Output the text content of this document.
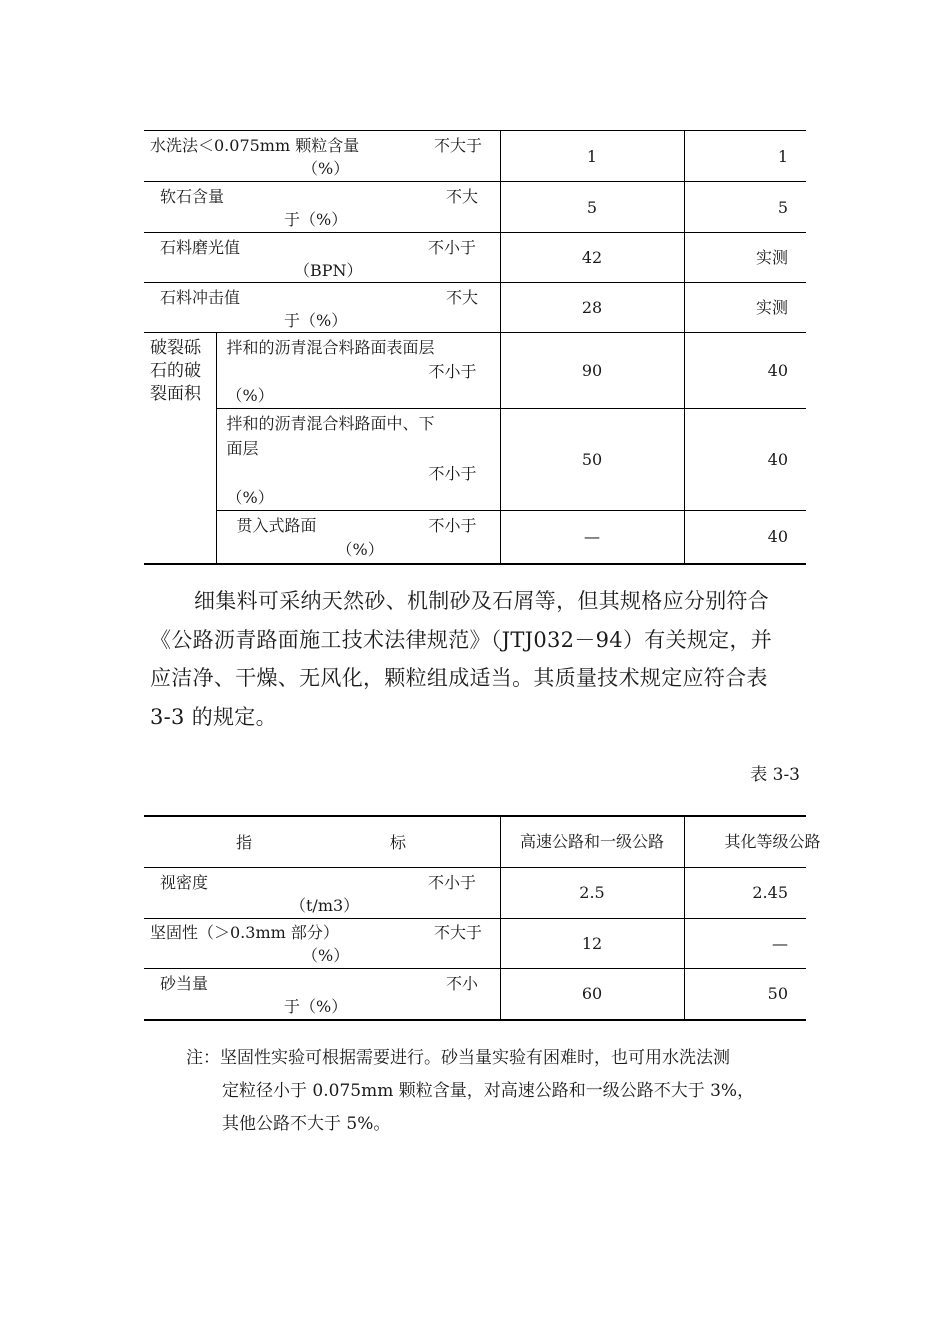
水洗法＜0.075mm 颗粒含量 不大于
（%）		1	1

软石含量 不大
于（%）		5	5

石料磨光值 不小于
（BPN）		42	实测

石料冲击值 不大
于（%）		28	实测

破裂砾
石的破
裂面积	拌和的沥青混合料路面表面层
不小于
（%）	90	40

	拌和的沥青混合料路面中、下
面层
不小于
（%）	50	40

	贯入式路面 不小于
（%）	—	40
细集料可采纳天然砂、机制砂及石屑等，但其规格应分别符合
《公路沥青路面施工技术法律规范》（JTJ032－94）有关规定，并
应洁净、干燥、无风化，颗粒组成适当。其质量技术规定应符合表
3-3 的规定。
表 3-3
指 标	高速公路和一级公路	其化等级公路

视密度 不小于
（t/m3）	2.5	2.45

坚固性（＞0.3mm 部分） 不大于
（%）	12	—

砂当量 不小
于（%）	60	50
注：坚固性实验可根据需要进行。砂当量实验有困难时，也可用水洗法测
定粒径小于 0.075mm 颗粒含量，对高速公路和一级公路不大于 3%，
其他公路不大于 5%。
